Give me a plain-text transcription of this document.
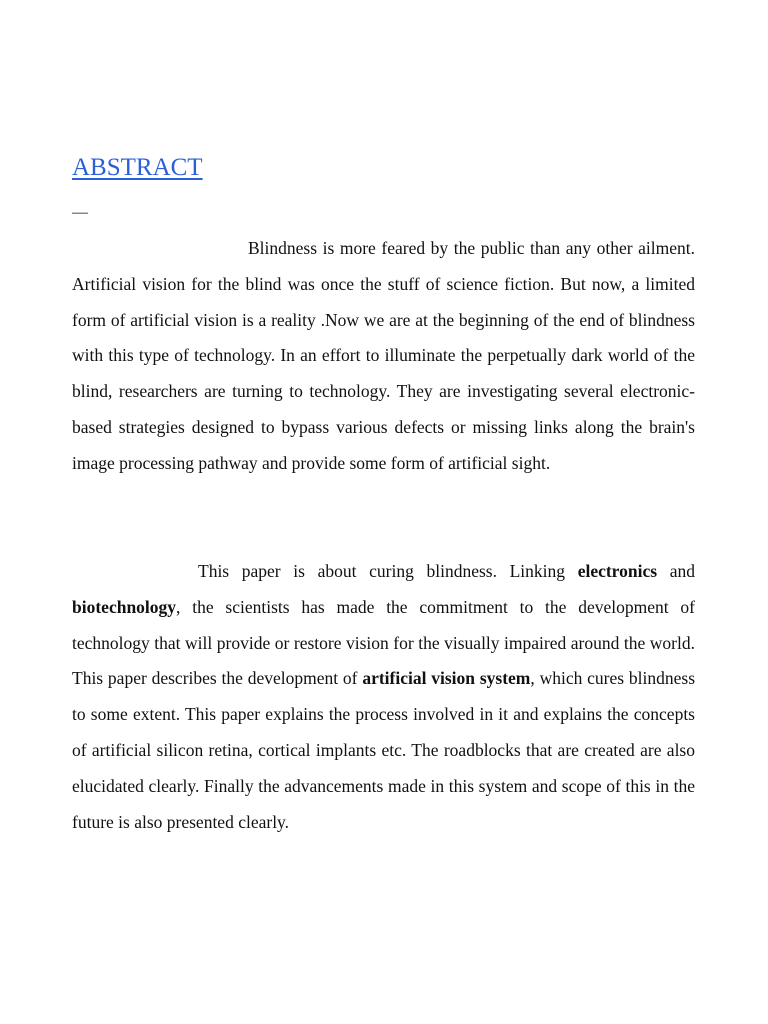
ABSTRACT
—

Blindness is more feared by the public than any other ailment. Artificial vision for the blind was once the stuff of science fiction. But now, a limited form of artificial vision is a reality .Now we are at the beginning of the end of blindness with this type of technology. In an effort to illuminate the perpetually dark world of the blind, researchers are turning to technology. They are investigating several electronic-based strategies designed to bypass various defects or missing links along the brain's image processing pathway and provide some form of artificial sight.

This paper is about curing blindness. Linking electronics and biotechnology, the scientists has made the commitment to the development of technology that will provide or restore vision for the visually impaired around the world. This paper describes the development of artificial vision system, which cures blindness to some extent. This paper explains the process involved in it and explains the concepts of artificial silicon retina, cortical implants etc. The roadblocks that are created are also elucidated clearly. Finally the advancements made in this system and scope of this in the future is also presented clearly.
